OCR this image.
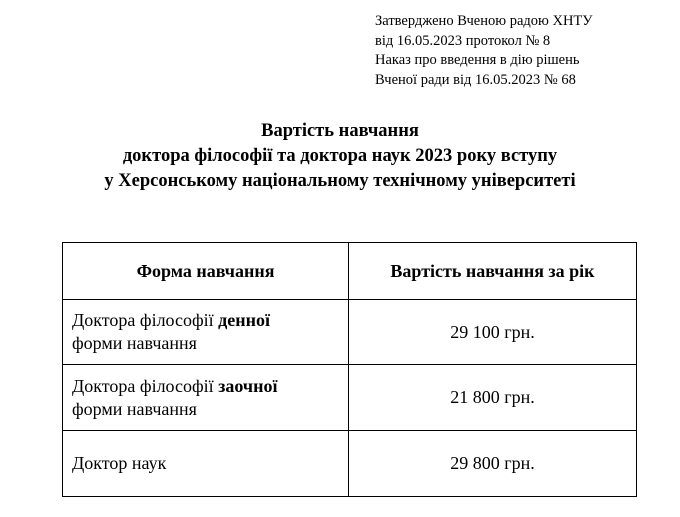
Затверджено Вченою радою ХНТУ
від 16.05.2023 протокол № 8
Наказ про введення в дію рішень
Вченої ради від 16.05.2023 № 68
Вартість навчання
доктора філософії та доктора наук 2023 року вступу
у Херсонському національному технічному університеті
Форма навчання	Вартість навчання за рік
Доктора філософії денної
форми навчання	29 100 грн.
Доктора філософії заочної
форми навчання	21 800 грн.
Доктор наук	29 800 грн.
